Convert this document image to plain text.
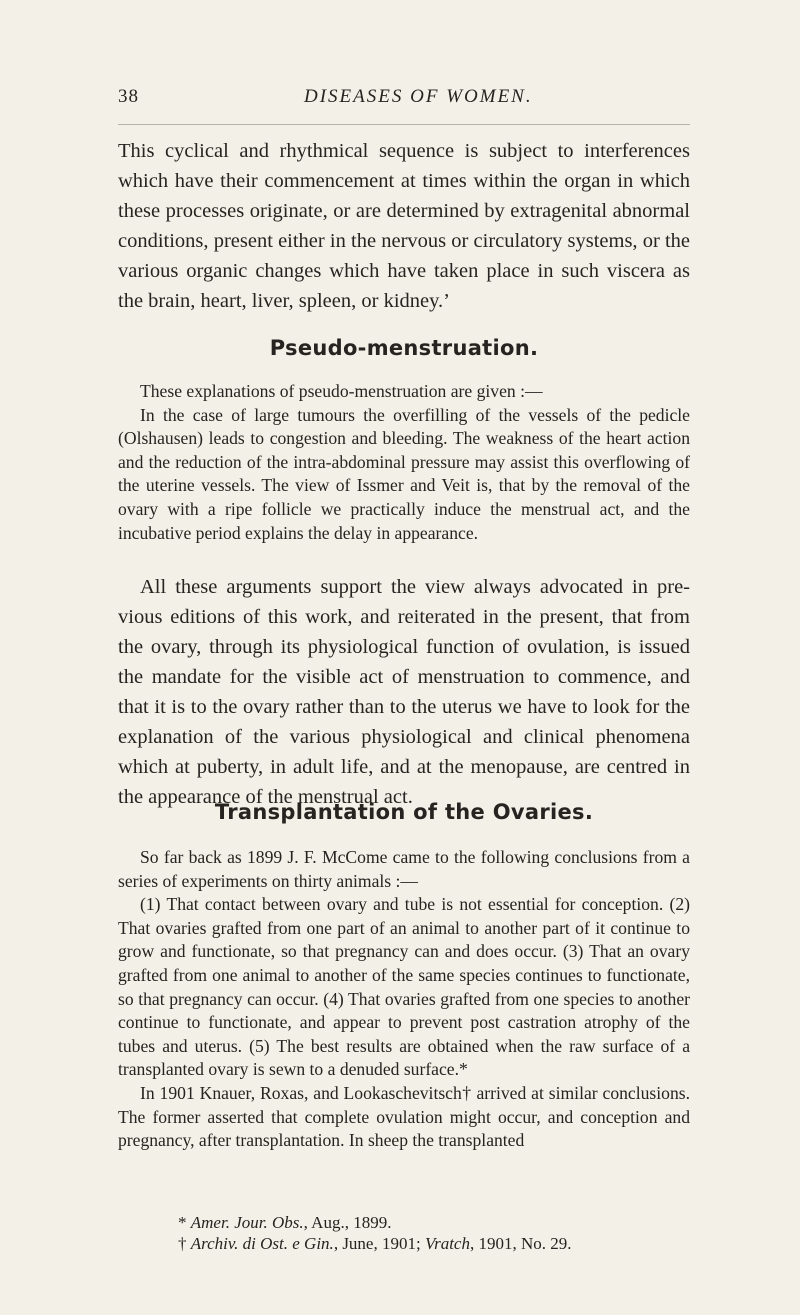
38	DISEASES OF WOMEN.

This cyclical and rhythmical sequence is subject to interferences which have their commencement at times within the organ in which these processes originate, or are determined by extragenital abnormal conditions, present either in the nervous or circulatory systems, or the various organic changes which have taken place in such viscera as the brain, heart, liver, spleen, or kidney.’

Pseudo-menstruation.

These explanations of pseudo-menstruation are given :—

In the case of large tumours the overfilling of the vessels of the pedicle (Olshausen) leads to congestion and bleeding. The weakness of the heart action and the reduction of the intra-abdominal pressure may assist this overflowing of the uterine vessels. The view of Issmer and Veit is, that by the removal of the ovary with a ripe follicle we practically induce the menstrual act, and the incubative period explains the delay in appearance.

All these arguments support the view always advocated in previous editions of this work, and reiterated in the present, that from the ovary, through its physiological function of ovulation, is issued the mandate for the visible act of menstruation to commence, and that it is to the ovary rather than to the uterus we have to look for the explanation of the various physiological and clinical phenomena which at puberty, in adult life, and at the menopause, are centred in the appearance of the menstrual act.

Transplantation of the Ovaries.

So far back as 1899 J. F. McCome came to the following conclusions from a series of experiments on thirty animals :—

(1) That contact between ovary and tube is not essential for conception. (2) That ovaries grafted from one part of an animal to another part of it continue to grow and functionate, so that pregnancy can and does occur. (3) That an ovary grafted from one animal to another of the same species continues to functionate, so that pregnancy can occur. (4) That ovaries grafted from one species to another continue to functionate, and appear to prevent post castration atrophy of the tubes and uterus. (5) The best results are obtained when the raw surface of a transplanted ovary is sewn to a denuded surface.*

In 1901 Knauer, Roxas, and Lookaschevitsch† arrived at similar conclusions. The former asserted that complete ovulation might occur, and conception and pregnancy, after transplantation. In sheep the transplanted

* Amer. Jour. Obs., Aug., 1899.

† Archiv. di Ost. e Gin., June, 1901; Vratch, 1901, No. 29.
